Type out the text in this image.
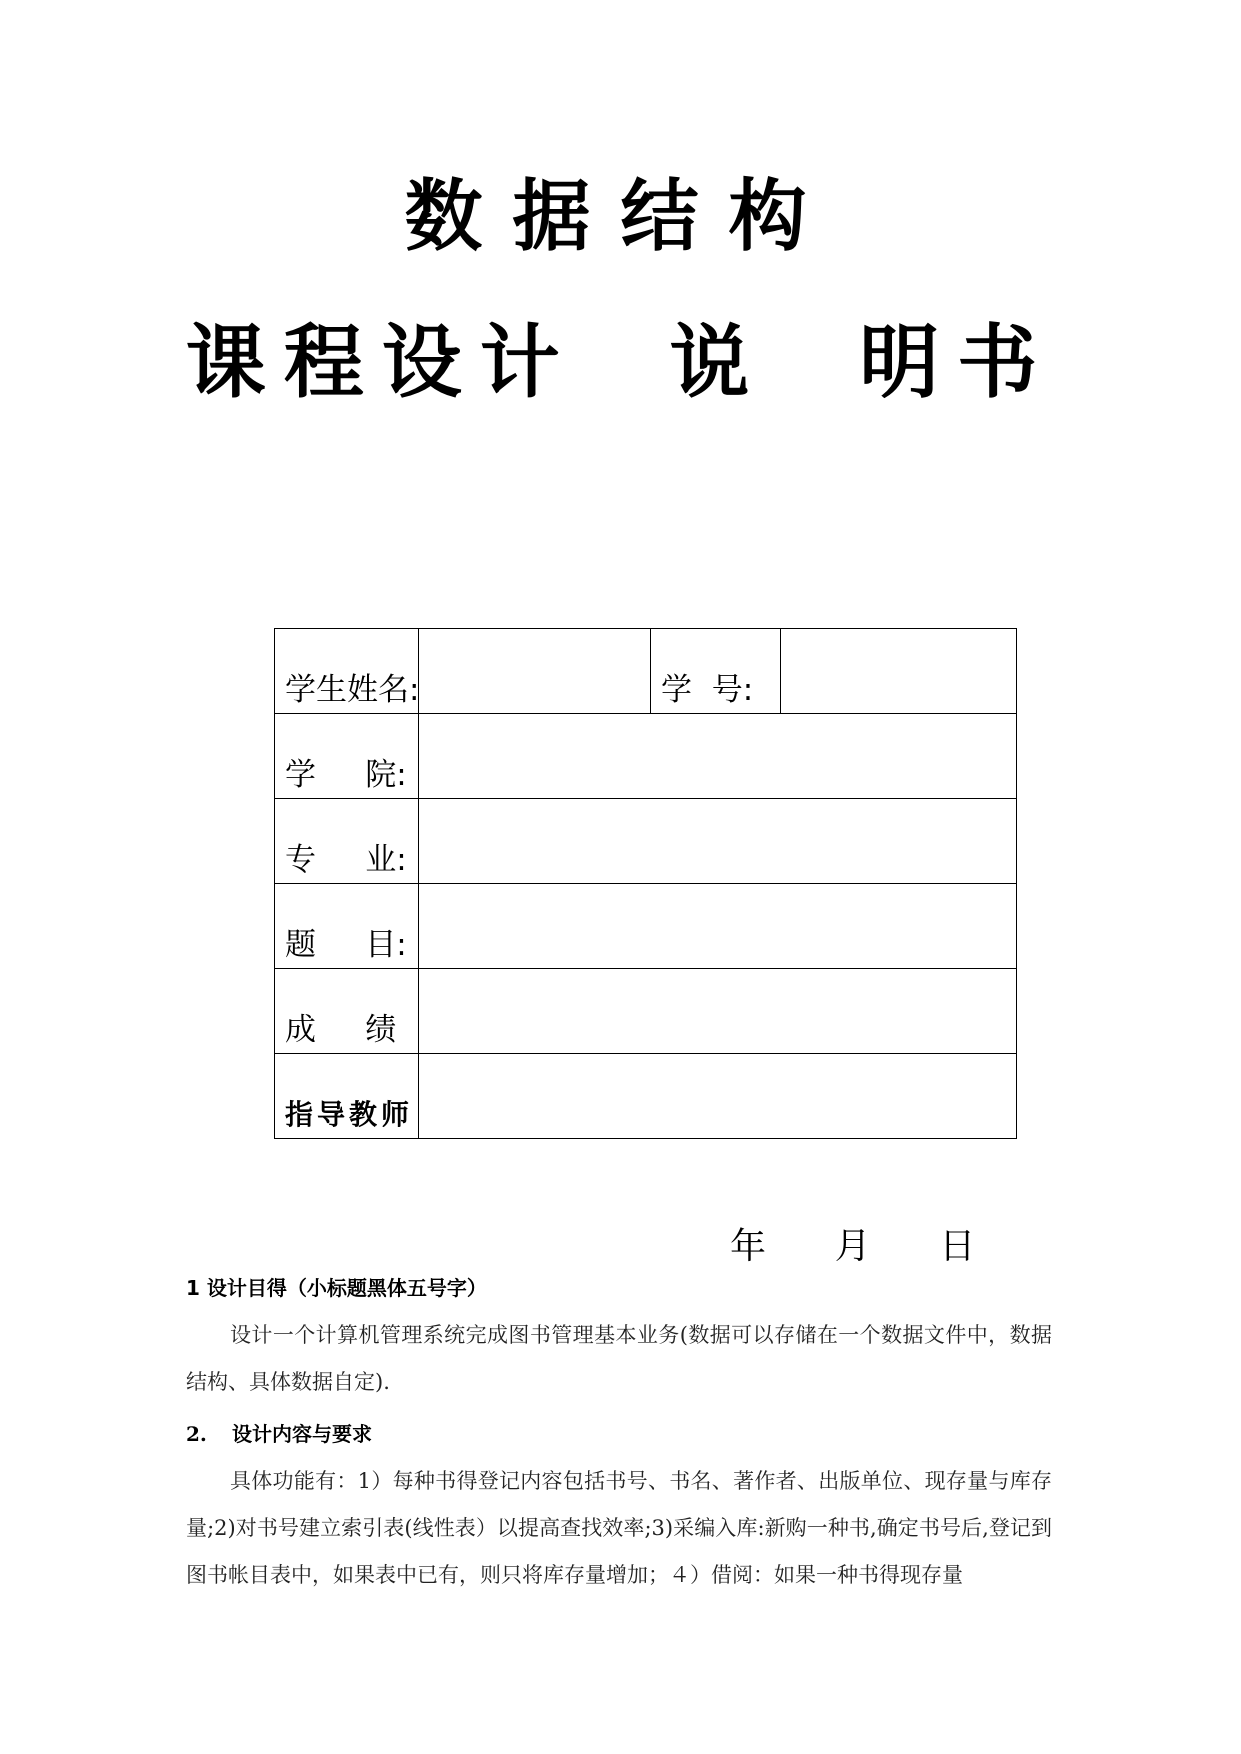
数据结构
课程设计  说  明书
学生姓名:		学  号:	
学     院:			
专     业:			
题     目:			
成     绩			
指导教师			
年      月      日
1 设计目得（小标题黑体五号字）
设计一个计算机管理系统完成图书管理基本业务(数据可以存储在一个数据文件中，数据结构、具体数据自定).
2. 设计内容与要求
具体功能有：1）每种书得登记内容包括书号、书名、著作者、出版单位、现存量与库存量;2)对书号建立索引表(线性表）以提高查找效率;3)采编入库:新购一种书,确定书号后,登记到图书帐目表中，如果表中已有，则只将库存量增加；４）借阅：如果一种书得现存量
